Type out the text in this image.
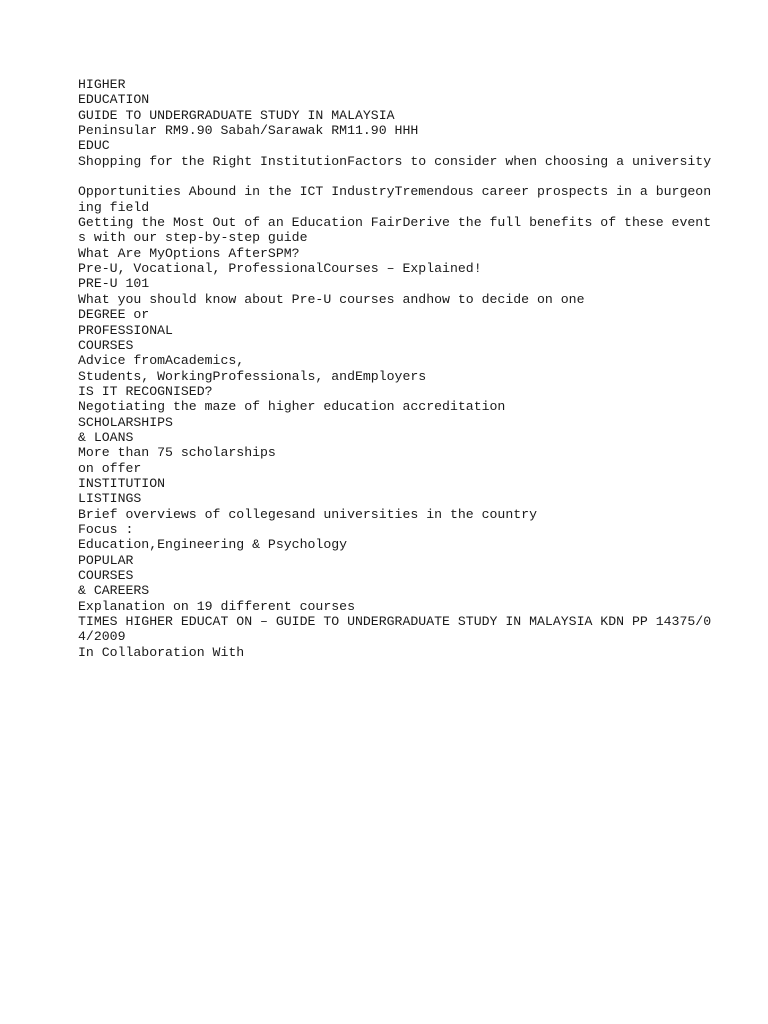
HIGHER
EDUCATION
GUIDE TO UNDERGRADUATE STUDY IN MALAYSIA
Peninsular RM9.90 Sabah/Sarawak RM11.90 HHH
EDUC
Shopping for the Right InstitutionFactors to consider when choosing a university
Opportunities Abound in the ICT IndustryTremendous career prospects in a burgeon
ing field
Getting the Most Out of an Education FairDerive the full benefits of these event
s with our step-by-step guide
What Are MyOptions AfterSPM?
Pre-U, Vocational, ProfessionalCourses – Explained!
PRE-U 101
What you should know about Pre-U courses andhow to decide on one
DEGREE or
PROFESSIONAL
COURSES
Advice fromAcademics,
Students, WorkingProfessionals, andEmployers
IS IT RECOGNISED?
Negotiating the maze of higher education accreditation
SCHOLARSHIPS
& LOANS
More than 75 scholarships
on offer
INSTITUTION
LISTINGS
Brief overviews of collegesand universities in the country
Focus :
Education,Engineering & Psychology
POPULAR
COURSES
& CAREERS
Explanation on 19 different courses
TIMES HIGHER EDUCAT ON – GUIDE TO UNDERGRADUATE STUDY IN MALAYSIA KDN PP 14375/0
4/2009
In Collaboration With
